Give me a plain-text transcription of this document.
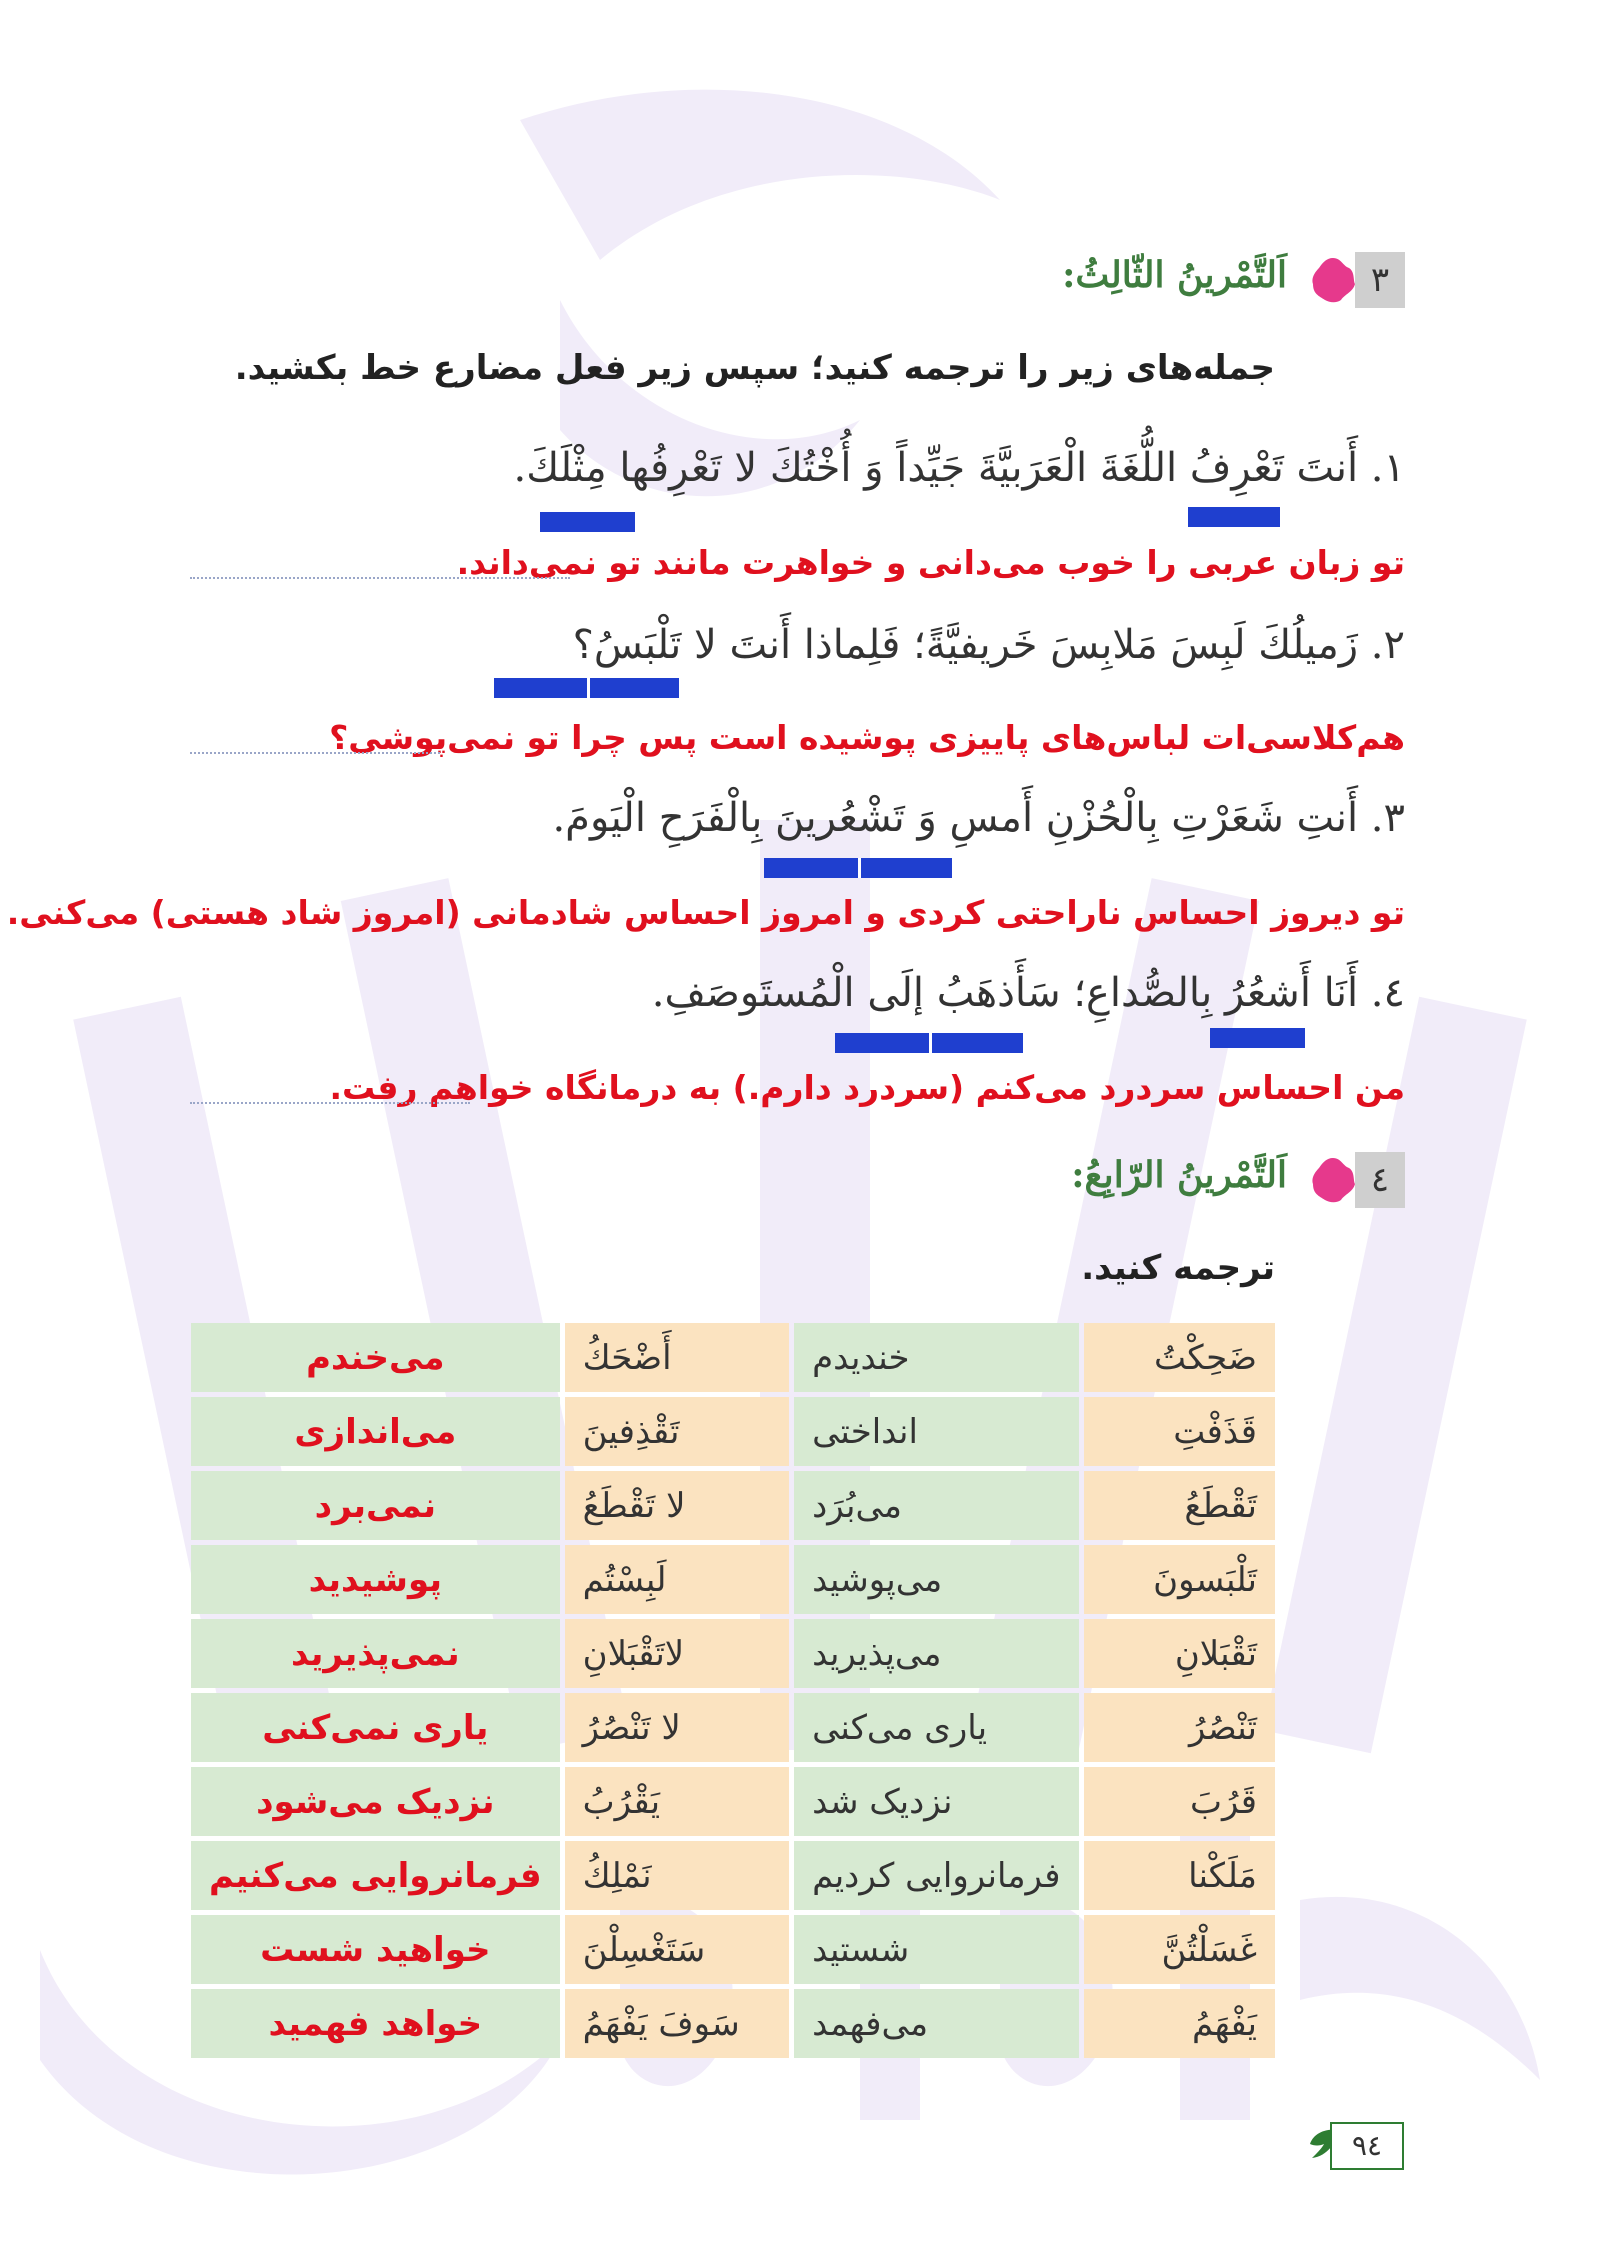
٣
اَلتَّمْرينُ الثّالِثُ:
جمله‌های زیر را ترجمه کنید؛ سپس زیر فعل مضارع خط بکشید.
١. أَنتَ تَعْرِفُ اللُّغَةَ الْعَرَبيَّةَ جَيِّداً وَ أُخْتُكَ لا تَعْرِفُها مِثْلَكَ.
تو زبان عربی را خوب می‌دانی و خواهرت مانند تو نمی‌داند.
٢. زَميلُكَ لَبِسَ مَلابِسَ خَريفيَّةً؛ فَلِماذا أَنتَ لا تَلْبَسُ؟
هم‌کلاسی‌ات لباس‌های پاییزی پوشیده است پس چرا تو نمی‌پوشی؟
٣. أَنتِ شَعَرْتِ بِالْحُزْنِ أَمسِ وَ تَشْعُرينَ بِالْفَرَحِ الْيَومَ.
تو دیروز احساس ناراحتی کردی و امروز احساس شادمانی (امروز شاد هستی) می‌کنی.
٤. أَنَا أَشعُرُ بِالصُّداعِ؛ سَأَذهَبُ إلَى الْمُستَوصَفِ.
من احساس سردرد می‌کنم (سردرد دارم.) به درمانگاه خواهم رفت.
٤
اَلتَّمْرينُ الرّابِعُ:
ترجمه کنید.
ضَحِكْتُ	خندیدم	أَضْحَكُ	می‌خندم
قَذَفْتِ	انداختی	تَقْذِفينَ	می‌اندازی
تَقْطَعُ	می‌بُرَد	لا تَقْطَعُ	نمی‌برد
تَلْبَسونَ	می‌پوشید	لَبِسْتُم	پوشیدید
تَقْبَلانِ	می‌پذیرید	لاتَقْبَلانِ	نمی‌پذیرید
تَنْصُرُ	یاری می‌کنی	لا تَنْصُرُ	یاری نمی‌کنی
قَرُبَ	نزدیک شد	يَقْرُبُ	نزدیک می‌شود
مَلَكْنا	فرمانروایی کردیم	نَمْلِكُ	فرمانروایی می‌کنیم
غَسَلْتُنَّ	شستید	سَتَغْسِلْنَ	خواهید شست
يَفْهَمُ	می‌فهمد	سَوفَ يَفْهَمُ	خواهد فهمید
٩٤
